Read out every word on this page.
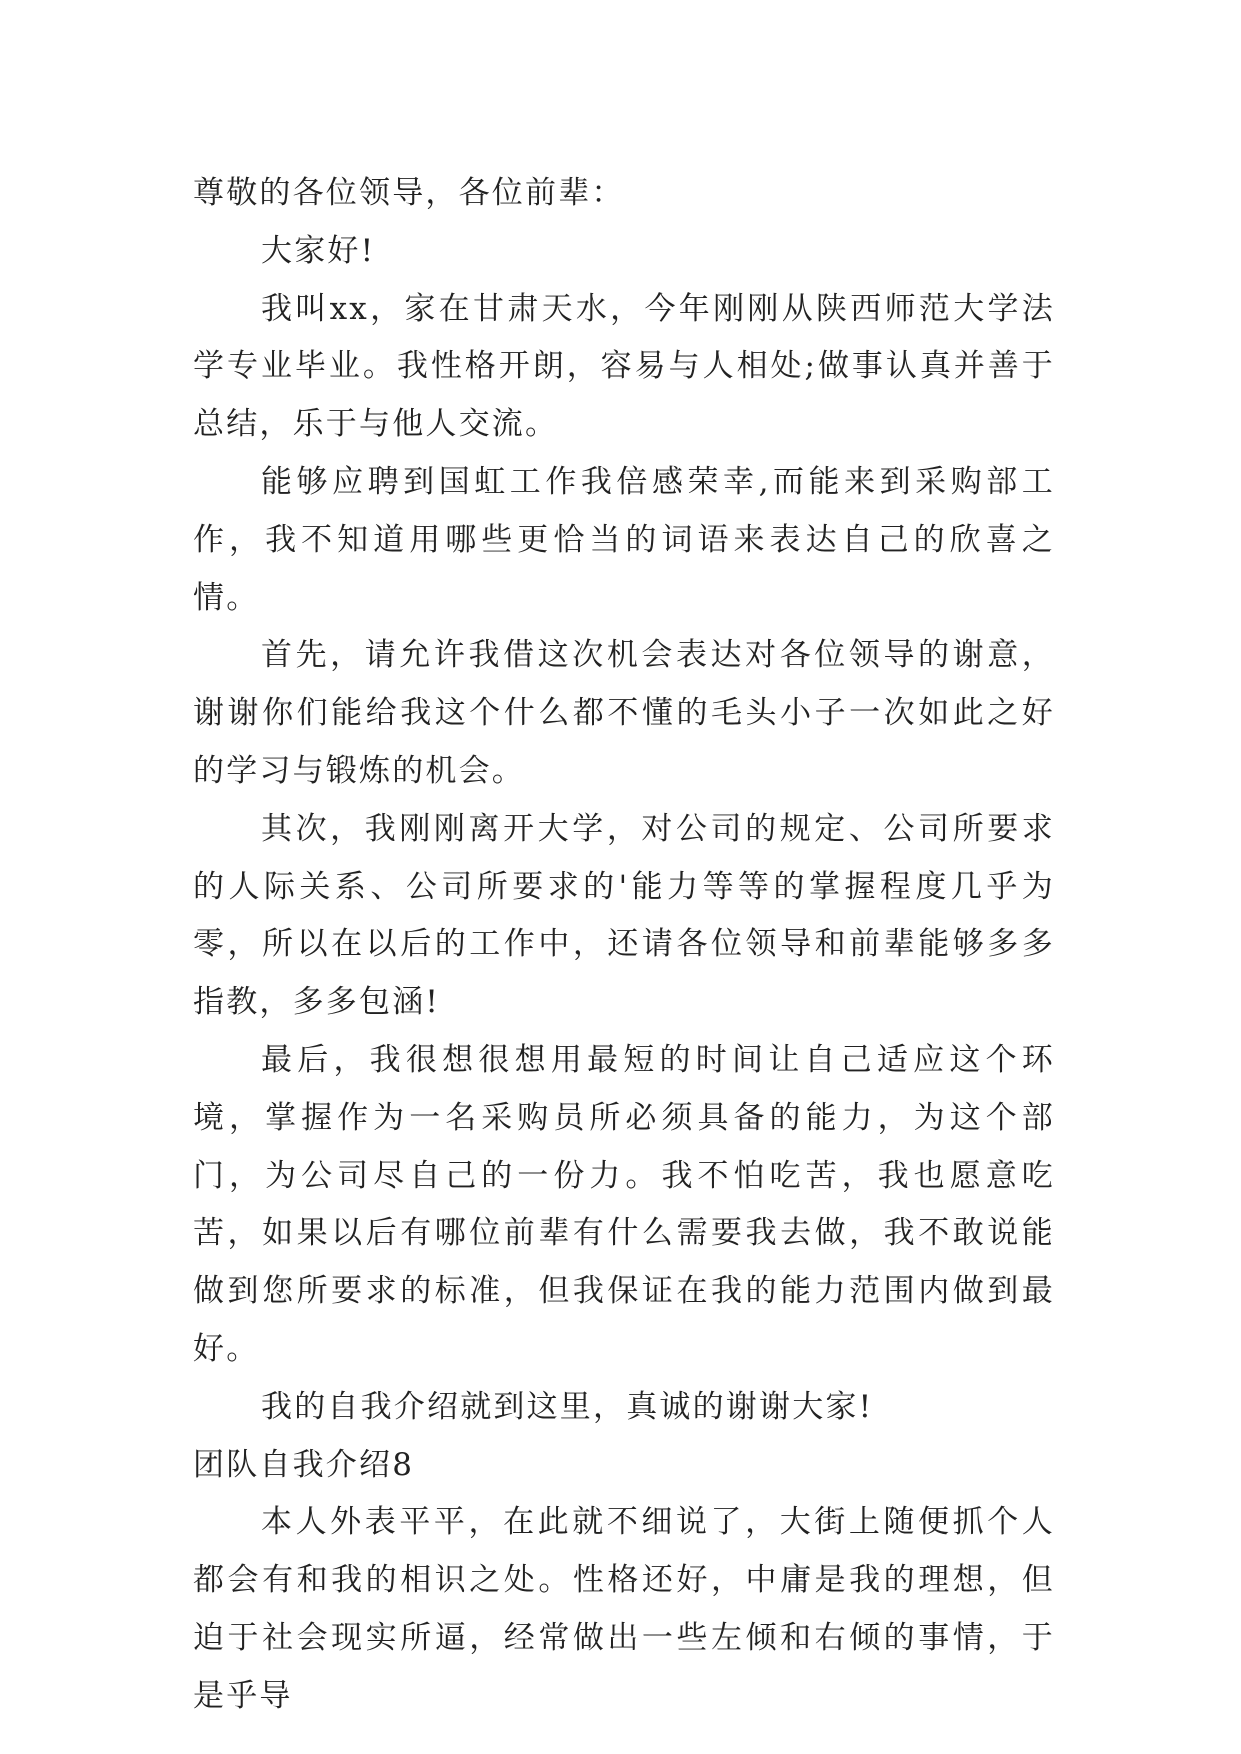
尊敬的各位领导，各位前辈：

大家好!

我叫xx，家在甘肃天水，今年刚刚从陕西师范大学法学专业毕业。我性格开朗，容易与人相处;做事认真并善于总结，乐于与他人交流。

能够应聘到国虹工作我倍感荣幸,而能来到采购部工作，我不知道用哪些更恰当的词语来表达自己的欣喜之情。

首先，请允许我借这次机会表达对各位领导的谢意，谢谢你们能给我这个什么都不懂的毛头小子一次如此之好的学习与锻炼的机会。

其次，我刚刚离开大学，对公司的规定、公司所要求的人际关系、公司所要求的'能力等等的掌握程度几乎为零，所以在以后的工作中，还请各位领导和前辈能够多多指教，多多包涵!

最后，我很想很想用最短的时间让自己适应这个环境，掌握作为一名采购员所必须具备的能力，为这个部门，为公司尽自己的一份力。我不怕吃苦，我也愿意吃苦，如果以后有哪位前辈有什么需要我去做，我不敢说能做到您所要求的标准，但我保证在我的能力范围内做到最好。

我的自我介绍就到这里，真诚的谢谢大家!

团队自我介绍8

本人外表平平，在此就不细说了，大街上随便抓个人都会有和我的相识之处。性格还好，中庸是我的理想，但迫于社会现实所逼，经常做出一些左倾和右倾的事情，于是乎导
